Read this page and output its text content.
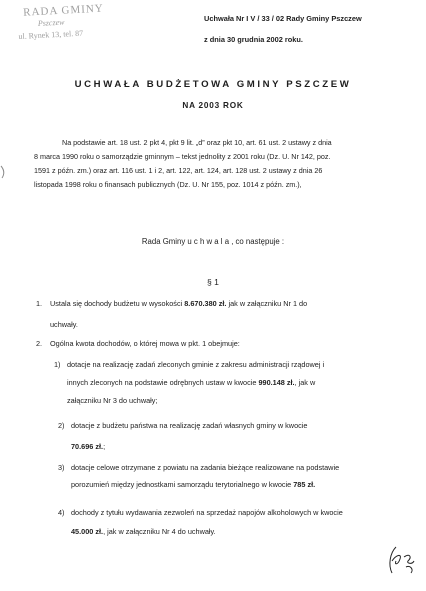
RADA GMINY
Pszczew
ul. Rynek 13, tel. 87
Uchwała Nr I V / 33 / 02 Rady Gminy Pszczew
z dnia 30 grudnia 2002 roku.
UCHWAŁA BUDŻETOWA GMINY PSZCZEW
NA 2003 ROK
Na podstawie art. 18 ust. 2 pkt 4, pkt 9 lit. „d” oraz pkt 10, art. 61 ust. 2 ustawy z dnia
8 marca 1990 roku o samorządzie gminnym – tekst jednolity z 2001 roku (Dz. U. Nr 142, poz.
1591 z późn. zm.) oraz art. 116 ust. 1 i 2, art. 122, art. 124, art. 128 ust. 2 ustawy z dnia 26
listopada 1998 roku o finansach publicznych (Dz. U. Nr 155, poz. 1014 z późn. zm.),
Rada Gminy u c h w a l a , co następuje :
§ 1
1. Ustala się dochody budżetu w wysokości 8.670.380 zł. jak w załączniku Nr 1 do
uchwały.
2. Ogólna kwota dochodów, o której mowa w pkt. 1 obejmuje:
1) dotacje na realizację zadań zleconych gminie z zakresu administracji rządowej i
innych zleconych na podstawie odrębnych ustaw w kwocie 990.148 zł., jak w
załączniku Nr 3 do uchwały;
2) dotacje z budżetu państwa na realizację zadań własnych gminy w kwocie
70.696 zł.;
3) dotacje celowe otrzymane z powiatu na zadania bieżące realizowane na podstawie
porozumień między jednostkami samorządu terytorialnego w kwocie 785 zł.
4) dochody z tytułu wydawania zezwoleń na sprzedaż napojów alkoholowych w kwocie
45.000 zł., jak w załączniku Nr 4 do uchwały.
